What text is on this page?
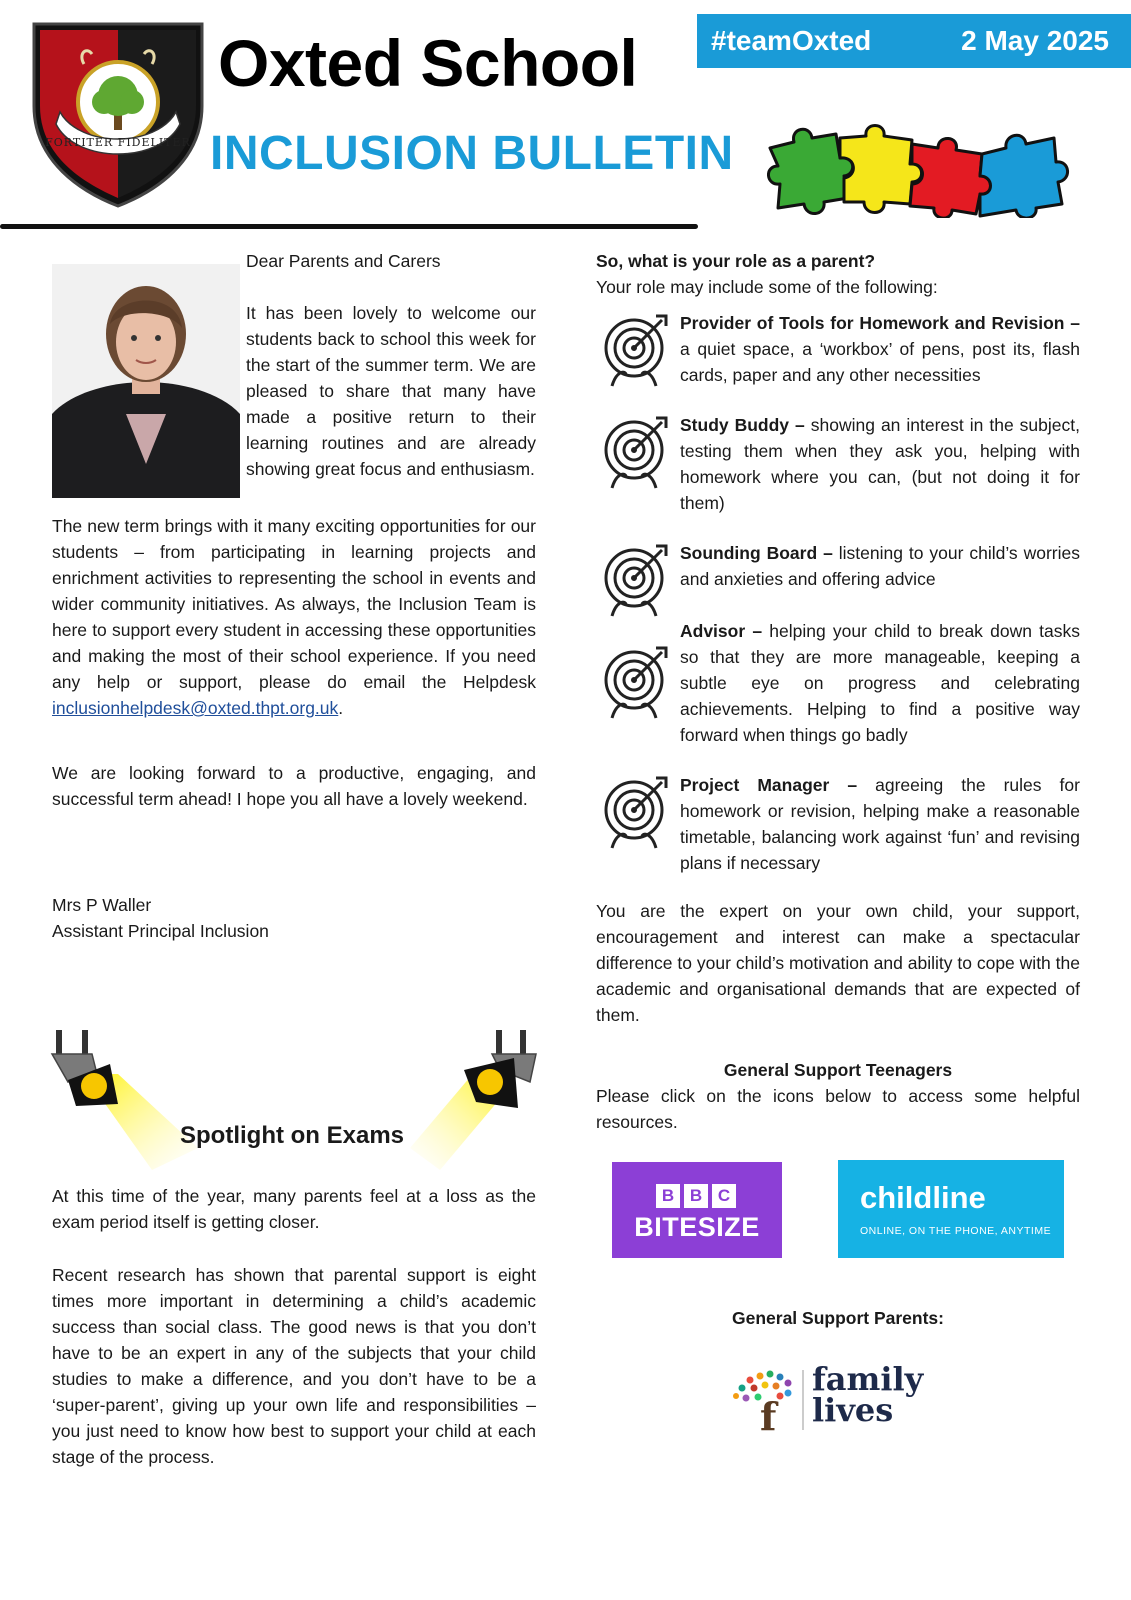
FORTITER FIDELITER
Oxted School
INCLUSION BULLETIN
#teamOxted	2 May 2025
Dear Parents and Carers
It has been lovely to welcome our students back to school this week for the start of the summer term. We are pleased to share that many have made a positive return to their learning routines and are already showing great focus and enthusiasm.
The new term brings with it many exciting opportunities for our students – from participating in learning projects and enrichment activities to representing the school in events and wider community initiatives. As always, the Inclusion Team is here to support every student in accessing these opportunities and making the most of their school experience. If you need any help or support, please do email the Helpdesk inclusionhelpdesk@oxted.thpt.org.uk.
We are looking forward to a productive, engaging, and successful term ahead! I hope you all have a lovely weekend.
Mrs P Waller
Assistant Principal Inclusion
Spotlight on Exams
At this time of the year, many parents feel at a loss as the exam period itself is getting closer.
Recent research has shown that parental support is eight times more important in determining a child’s academic success than social class. The good news is that you don’t have to be an expert in any of the subjects that your child studies to make a difference, and you don’t have to be a ‘super-parent’, giving up your own life and responsibilities – you just need to know how best to support your child at each stage of the process.
So, what is your role as a parent?
Your role may include some of the following:
Provider of Tools for Homework and Revision – a quiet space, a ‘workbox’ of pens, post its, flash cards, paper and any other necessities
Study Buddy – showing an interest in the subject, testing them when they ask you, helping with homework where you can, (but not doing it for them)
Sounding Board – listening to your child’s worries and anxieties and offering advice
Advisor – helping your child to break down tasks so that they are more manageable, keeping a subtle eye on progress and celebrating achievements. Helping to find a positive way forward when things go badly
Project Manager – agreeing the rules for homework or revision, helping make a reasonable timetable, balancing work against ‘fun’ and revising plans if necessary
You are the expert on your own child, your support, encouragement and interest can make a spectacular difference to your child’s motivation and ability to cope with the academic and organisational demands that are expected of them.
General Support Teenagers
Please click on the icons below to access some helpful resources.
B B C
BITESIZE
childline
ONLINE, ON THE PHONE, ANYTIME
General Support Parents:
f
family
lives
